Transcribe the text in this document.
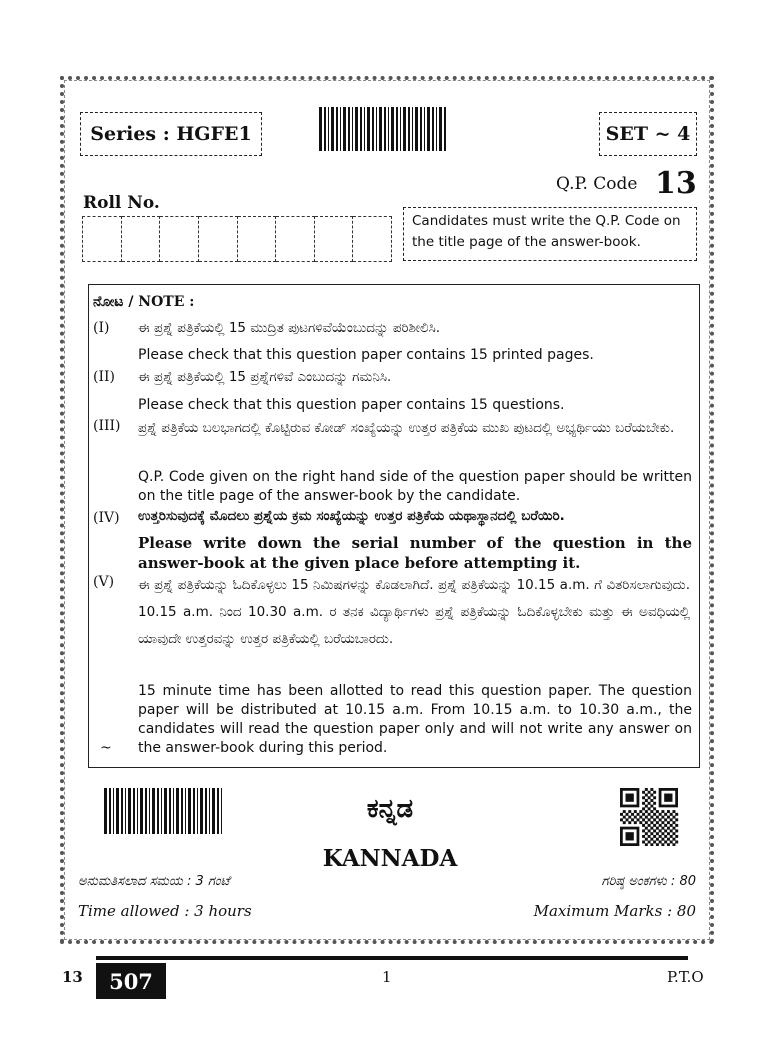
Series : HGFE1	SET ~ 4
Q.P. Code 13
Roll No.
Candidates must write the Q.P. Code on the title page of the answer-book.
ನೋಟ / NOTE :
(I) ಈ ಪ್ರಶ್ನೆ ಪತ್ರಿಕೆಯಲ್ಲಿ 15 ಮುದ್ರಿತ ಪುಟಗಳಿವೆಯೆಂಬುದನ್ನು ಪರಿಶೀಲಿಸಿ.
Please check that this question paper contains 15 printed pages.
(II) ಈ ಪ್ರಶ್ನೆ ಪತ್ರಿಕೆಯಲ್ಲಿ 15 ಪ್ರಶ್ನೆಗಳಿವೆ ಎಂಬುದನ್ನು ಗಮನಿಸಿ.
Please check that this question paper contains 15 questions.
(III) ಪ್ರಶ್ನೆ ಪತ್ರಿಕೆಯ ಬಲಭಾಗದಲ್ಲಿ ಕೊಟ್ಟಿರುವ ಕೋಡ್ ಸಂಖ್ಯೆಯನ್ನು ಉತ್ತರ ಪತ್ರಿಕೆಯ ಮುಖ ಪುಟದಲ್ಲಿ ಅಭ್ಯರ್ಥಿಯು ಬರೆಯಬೇಕು.
Q.P. Code given on the right hand side of the question paper should be written on the title page of the answer-book by the candidate.
(IV) ಉತ್ತರಿಸುವುದಕ್ಕೆ ಮೊದಲು ಪ್ರಶ್ನೆಯ ಕ್ರಮ ಸಂಖ್ಯೆಯನ್ನು ಉತ್ತರ ಪತ್ರಿಕೆಯ ಯಥಾಸ್ಥಾನದಲ್ಲಿ ಬರೆಯಿರಿ.
Please write down the serial number of the question in the answer-book at the given place before attempting it.
(V) ಈ ಪ್ರಶ್ನೆ ಪತ್ರಿಕೆಯನ್ನು ಓದಿಕೊಳ್ಳಲು 15 ನಿಮಿಷಗಳನ್ನು ಕೊಡಲಾಗಿದೆ. ಪ್ರಶ್ನೆ ಪತ್ರಿಕೆಯನ್ನು 10.15 a.m. ಗೆ ವಿತರಿಸಲಾಗುವುದು. 10.15 a.m. ನಿಂದ 10.30 a.m. ರ ತನಕ ವಿದ್ಯಾರ್ಥಿಗಳು ಪ್ರಶ್ನೆ ಪತ್ರಿಕೆಯನ್ನು ಓದಿಕೊಳ್ಳಬೇಕು ಮತ್ತು ಈ ಅವಧಿಯಲ್ಲಿ ಯಾವುದೇ ಉತ್ತರವನ್ನು ಉತ್ತರ ಪತ್ರಿಕೆಯಲ್ಲಿ ಬರೆಯಬಾರದು.
15 minute time has been allotted to read this question paper. The question paper will be distributed at 10.15 a.m. From 10.15 a.m. to 10.30 a.m., the candidates will read the question paper only and will not write any answer on the answer-book during this period.
~
ಕನ್ನಡ
KANNADA
ಅನುಮತಿಸಲಾದ ಸಮಯ : 3 ಗಂಟೆ	ಗರಿಷ್ಠ ಅಂಕಗಳು : 80
Time allowed : 3 hours	Maximum Marks : 80
13	507	1	P.T.O
